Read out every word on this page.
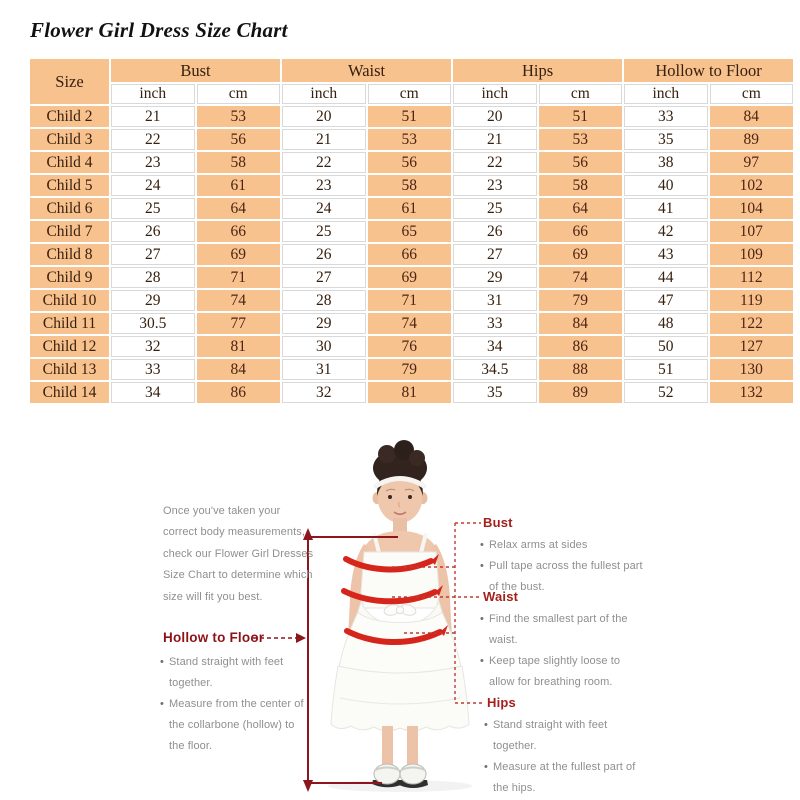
Flower Girl Dress Size Chart
Size	Bust		Waist		Hips		Hollow to Floor	
	inch	cm	inch	cm	inch	cm	inch	cm
Child 2	21	53	20	51	20	51	33	84
Child 3	22	56	21	53	21	53	35	89
Child 4	23	58	22	56	22	56	38	97
Child 5	24	61	23	58	23	58	40	102
Child 6	25	64	24	61	25	64	41	104
Child 7	26	66	25	65	26	66	42	107
Child 8	27	69	26	66	27	69	43	109
Child 9	28	71	27	69	29	74	44	112
Child 10	29	74	28	71	31	79	47	119
Child 11	30.5	77	29	74	33	84	48	122
Child 12	32	81	30	76	34	86	50	127
Child 13	33	84	31	79	34.5	88	51	130
Child 14	34	86	32	81	35	89	52	132

Once you've taken your correct body measurements, check our Flower Girl Dresses Size Chart to determine which size will fit you best.

Hollow to Floor
• Stand straight with feet together.
• Measure from the center of the collarbone (hollow) to the floor.
Bust
• Relax arms at sides
• Pull tape across the fullest part of the bust.
Waist
• Find the smallest part of the waist.
• Keep tape slightly loose to allow for breathing room.
Hips
• Stand straight with feet together.
• Measure at the fullest part of the hips.
